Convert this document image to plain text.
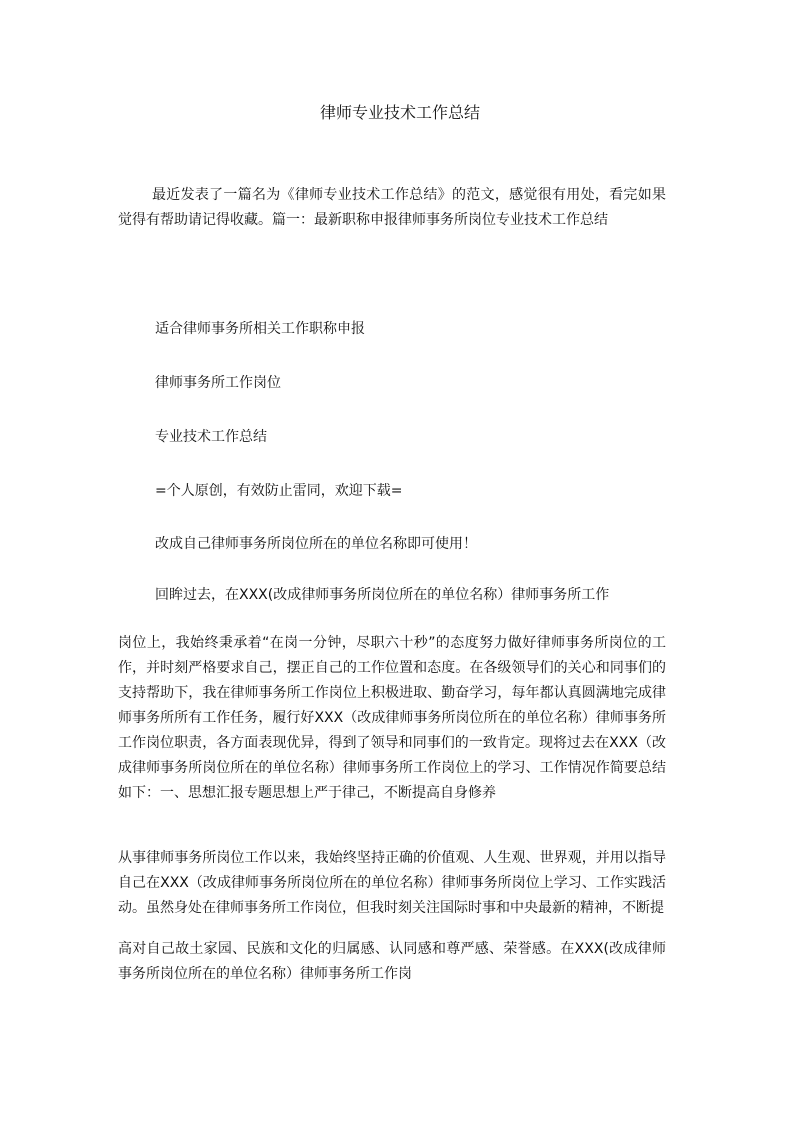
律师专业技术工作总结

最近发表了一篇名为《律师专业技术工作总结》的范文，感觉很有用处，看完如果觉得有帮助请记得收藏。篇一：最新职称申报律师事务所岗位专业技术工作总结

适合律师事务所相关工作职称申报

律师事务所工作岗位

专业技术工作总结

=个人原创，有效防止雷同，欢迎下载=

改成自己律师事务所岗位所在的单位名称即可使用！

回眸过去，在XXX(改成律师事务所岗位所在的单位名称）律师事务所工作

岗位上，我始终秉承着“在岗一分钟，尽职六十秒”的态度努力做好律师事务所岗位的工作，并时刻严格要求自己，摆正自己的工作位置和态度。在各级领导们的关心和同事们的支持帮助下，我在律师事务所工作岗位上积极进取、勤奋学习，每年都认真圆满地完成律师事务所所有工作任务，履行好XXX（改成律师事务所岗位所在的单位名称）律师事务所工作岗位职责，各方面表现优异，得到了领导和同事们的一致肯定。现将过去在XXX（改成律师事务所岗位所在的单位名称）律师事务所工作岗位上的学习、工作情况作简要总结如下：一、思想汇报专题思想上严于律己，不断提高自身修养

从事律师事务所岗位工作以来，我始终坚持正确的价值观、人生观、世界观，并用以指导自己在XXX（改成律师事务所岗位所在的单位名称）律师事务所岗位上学习、工作实践活动。虽然身处在律师事务所工作岗位，但我时刻关注国际时事和中央最新的精神，不断提

高对自己故土家园、民族和文化的归属感、认同感和尊严感、荣誉感。在XXX(改成律师事务所岗位所在的单位名称）律师事务所工作岗
